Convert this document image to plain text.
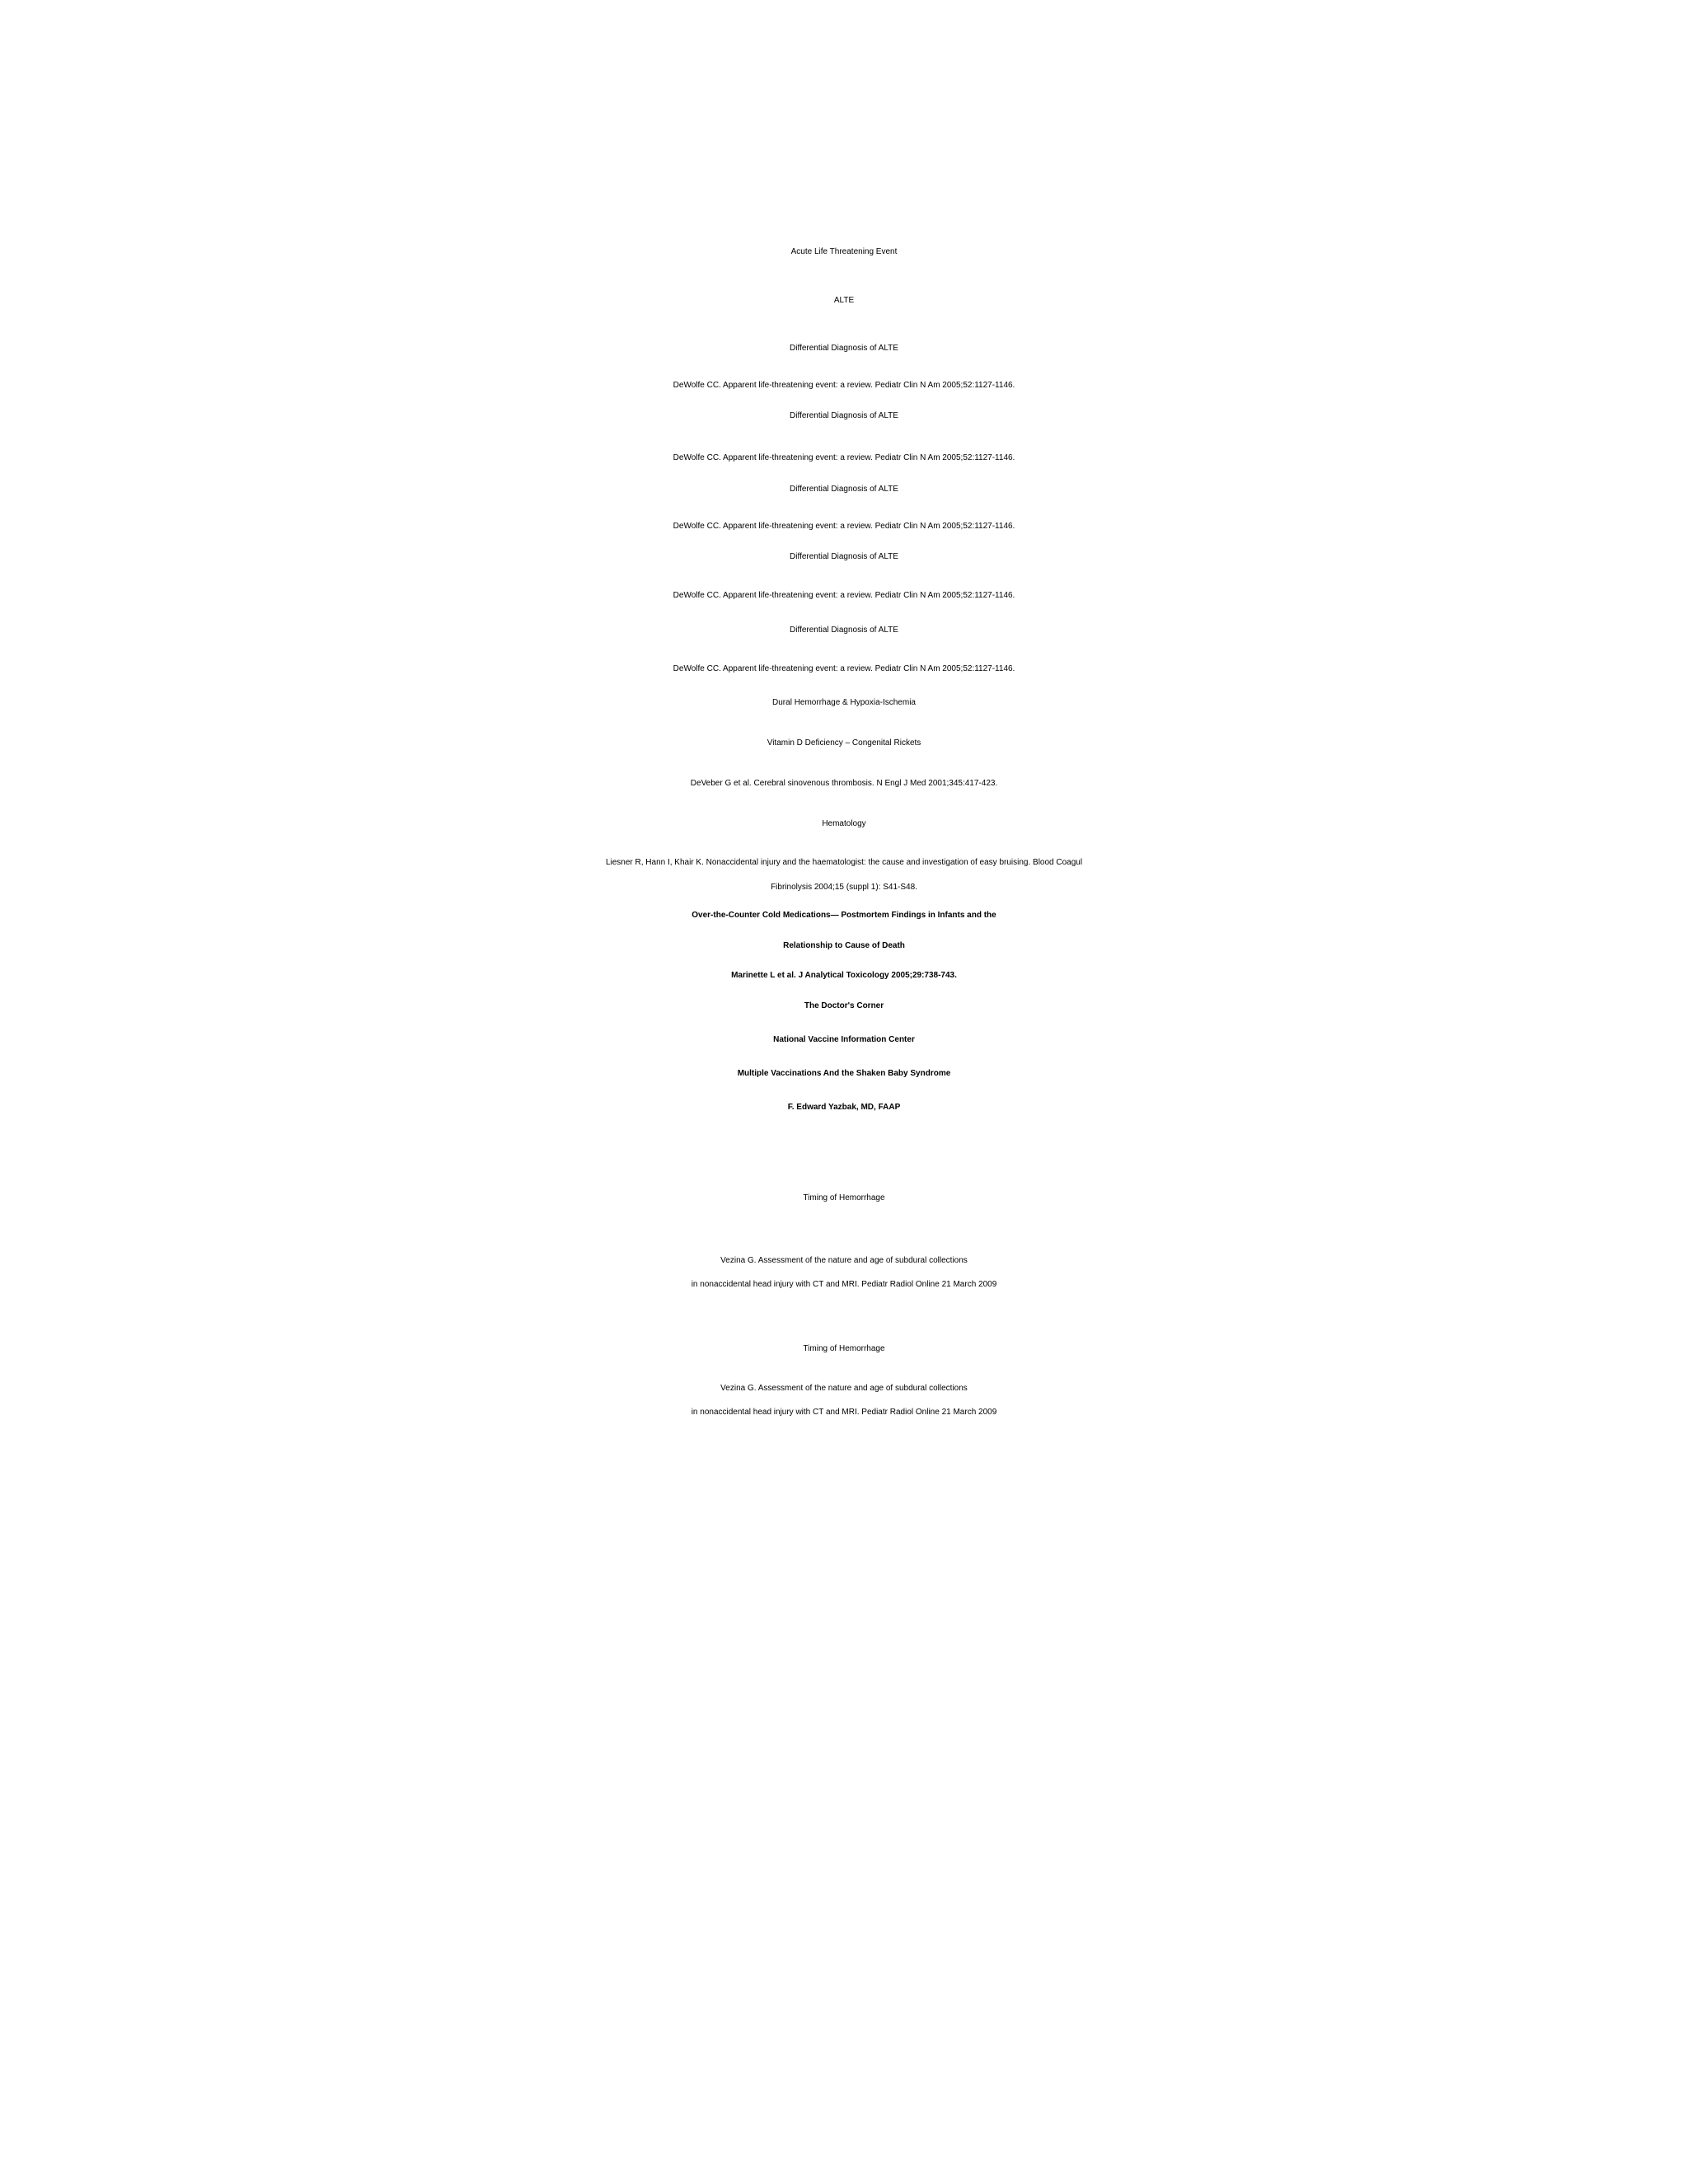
Acute Life Threatening Event
ALTE
Differential Diagnosis of ALTE
DeWolfe CC. Apparent life-threatening event: a review. Pediatr Clin N Am 2005;52:1127-1146.
Differential Diagnosis of ALTE
DeWolfe CC. Apparent life-threatening event: a review. Pediatr Clin N Am 2005;52:1127-1146.
Differential Diagnosis of ALTE
DeWolfe CC. Apparent life-threatening event: a review. Pediatr Clin N Am 2005;52:1127-1146.
Differential Diagnosis of ALTE
DeWolfe CC. Apparent life-threatening event: a review. Pediatr Clin N Am 2005;52:1127-1146.
Differential Diagnosis of ALTE
DeWolfe CC. Apparent life-threatening event: a review. Pediatr Clin N Am 2005;52:1127-1146.
Dural Hemorrhage & Hypoxia-Ischemia
Vitamin D Deficiency – Congenital Rickets
DeVeber G et al. Cerebral sinovenous thrombosis. N Engl J Med 2001;345:417-423.
Hematology
Liesner R, Hann I, Khair K. Nonaccidental injury and the haematologist: the cause and investigation of easy bruising. Blood Coagul
Fibrinolysis 2004;15 (suppl 1): S41-S48.
Over-the-Counter Cold Medications— Postmortem Findings in Infants and the
Relationship to Cause of Death
Marinette L et al. J Analytical Toxicology 2005;29:738-743.
The Doctor's Corner
National Vaccine Information Center
Multiple Vaccinations And the Shaken Baby Syndrome
F. Edward Yazbak, MD, FAAP
Timing of Hemorrhage
Vezina G. Assessment of the nature and age of subdural collections
in nonaccidental head injury with CT and MRI. Pediatr Radiol Online 21 March 2009
Timing of Hemorrhage
Vezina G. Assessment of the nature and age of subdural collections
in nonaccidental head injury with CT and MRI. Pediatr Radiol Online 21 March 2009
